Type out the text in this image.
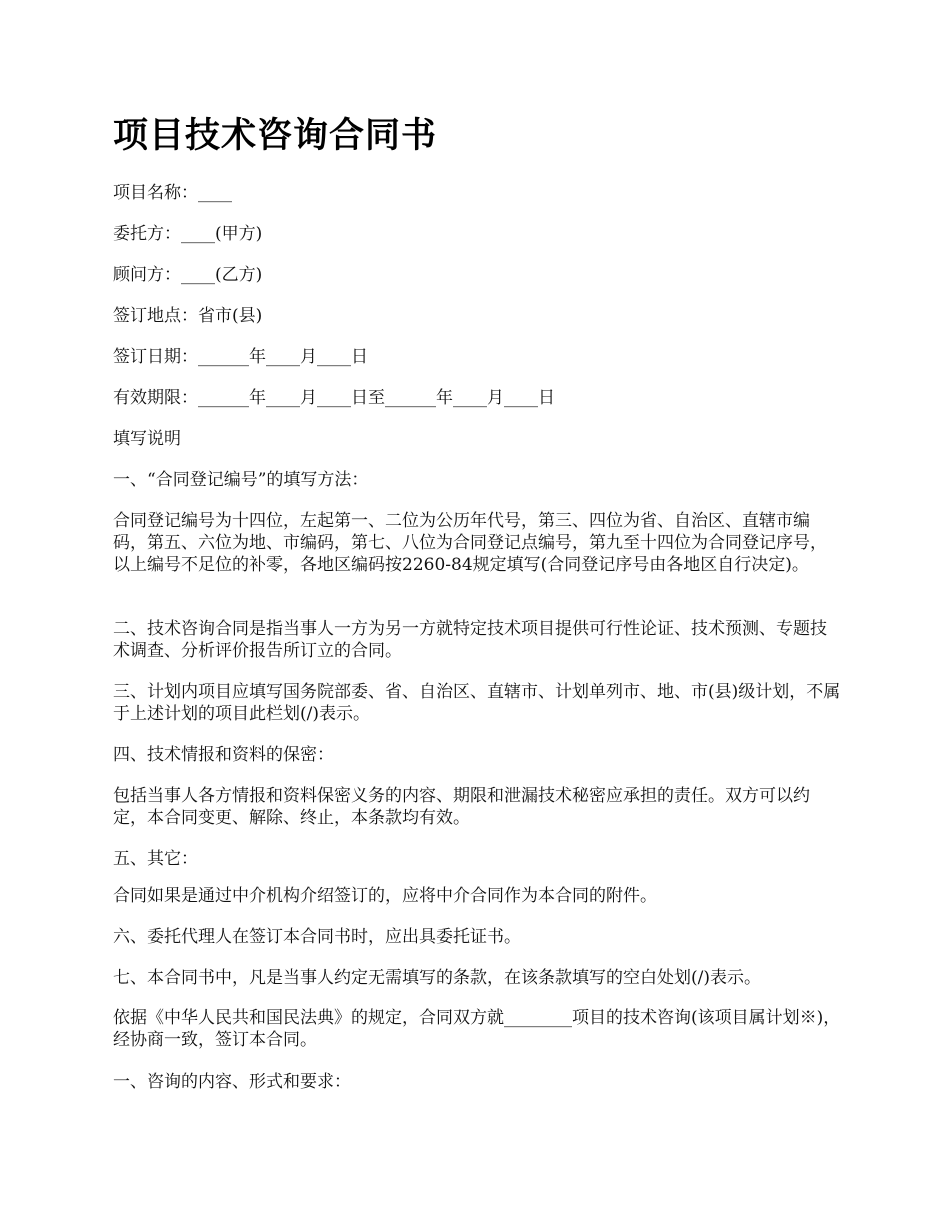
项目技术咨询合同书

项目名称：____

委托方：____(甲方)

顾问方：____(乙方)

签订地点：省市(县)

签订日期：______年____月____日

有效期限：______年____月____日至______年____月____日

填写说明

一、“合同登记编号”的填写方法：

合同登记编号为十四位，左起第一、二位为公历年代号，第三、四位为省、自治区、直辖市编码，第五、六位为地、市编码，第七、八位为合同登记点编号，第九至十四位为合同登记序号，以上编号不足位的补零，各地区编码按2260-84规定填写(合同登记序号由各地区自行决定)。

二、技术咨询合同是指当事人一方为另一方就特定技术项目提供可行性论证、技术预测、专题技术调查、分析评价报告所订立的合同。

三、计划内项目应填写国务院部委、省、自治区、直辖市、计划单列市、地、市(县)级计划，不属于上述计划的项目此栏划(/)表示。

四、技术情报和资料的保密：

包括当事人各方情报和资料保密义务的内容、期限和泄漏技术秘密应承担的责任。双方可以约定，本合同变更、解除、终止，本条款均有效。

五、其它：

合同如果是通过中介机构介绍签订的，应将中介合同作为本合同的附件。

六、委托代理人在签订本合同书时，应出具委托证书。

七、本合同书中，凡是当事人约定无需填写的条款，在该条款填写的空白处划(/)表示。

依据《中华人民共和国民法典》的规定，合同双方就________项目的技术咨询(该项目属计划※)，经协商一致，签订本合同。

一、咨询的内容、形式和要求：
